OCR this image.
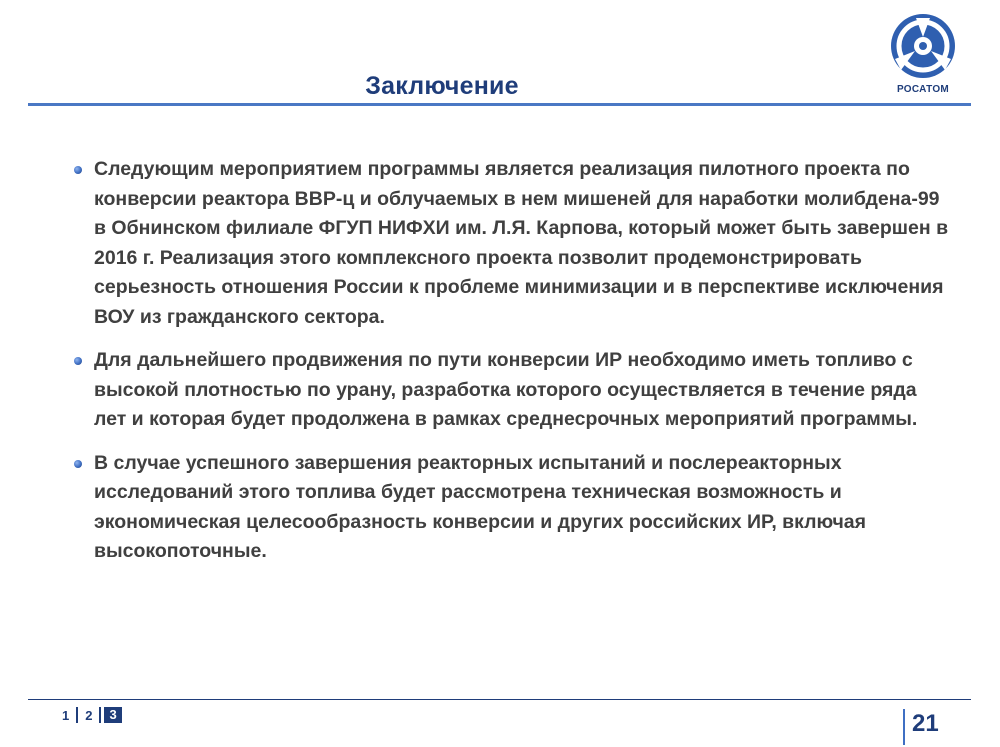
Заключение	РОСАТОМ
Следующим мероприятием программы является реализация пилотного проекта по конверсии реактора ВВР-ц и облучаемых в нем мишеней для наработки молибдена-99 в Обнинском филиале ФГУП НИФХИ им. Л.Я. Карпова, который может быть завершен в 2016 г. Реализация этого комплексного проекта позволит продемонстрировать серьезность отношения России к проблеме минимизации и в перспективе исключения ВОУ из гражданского сектора.
Для дальнейшего продвижения по пути конверсии ИР необходимо иметь топливо с высокой плотностью по урану, разработка которого осуществляется в течение ряда лет и которая будет продолжена в рамках среднесрочных мероприятий программы.
В случае успешного завершения реакторных испытаний и послереакторных исследований этого топлива будет рассмотрена техническая возможность и экономическая целесообразность конверсии и других российских ИР, включая высокопоточные.
1	2	3	21
